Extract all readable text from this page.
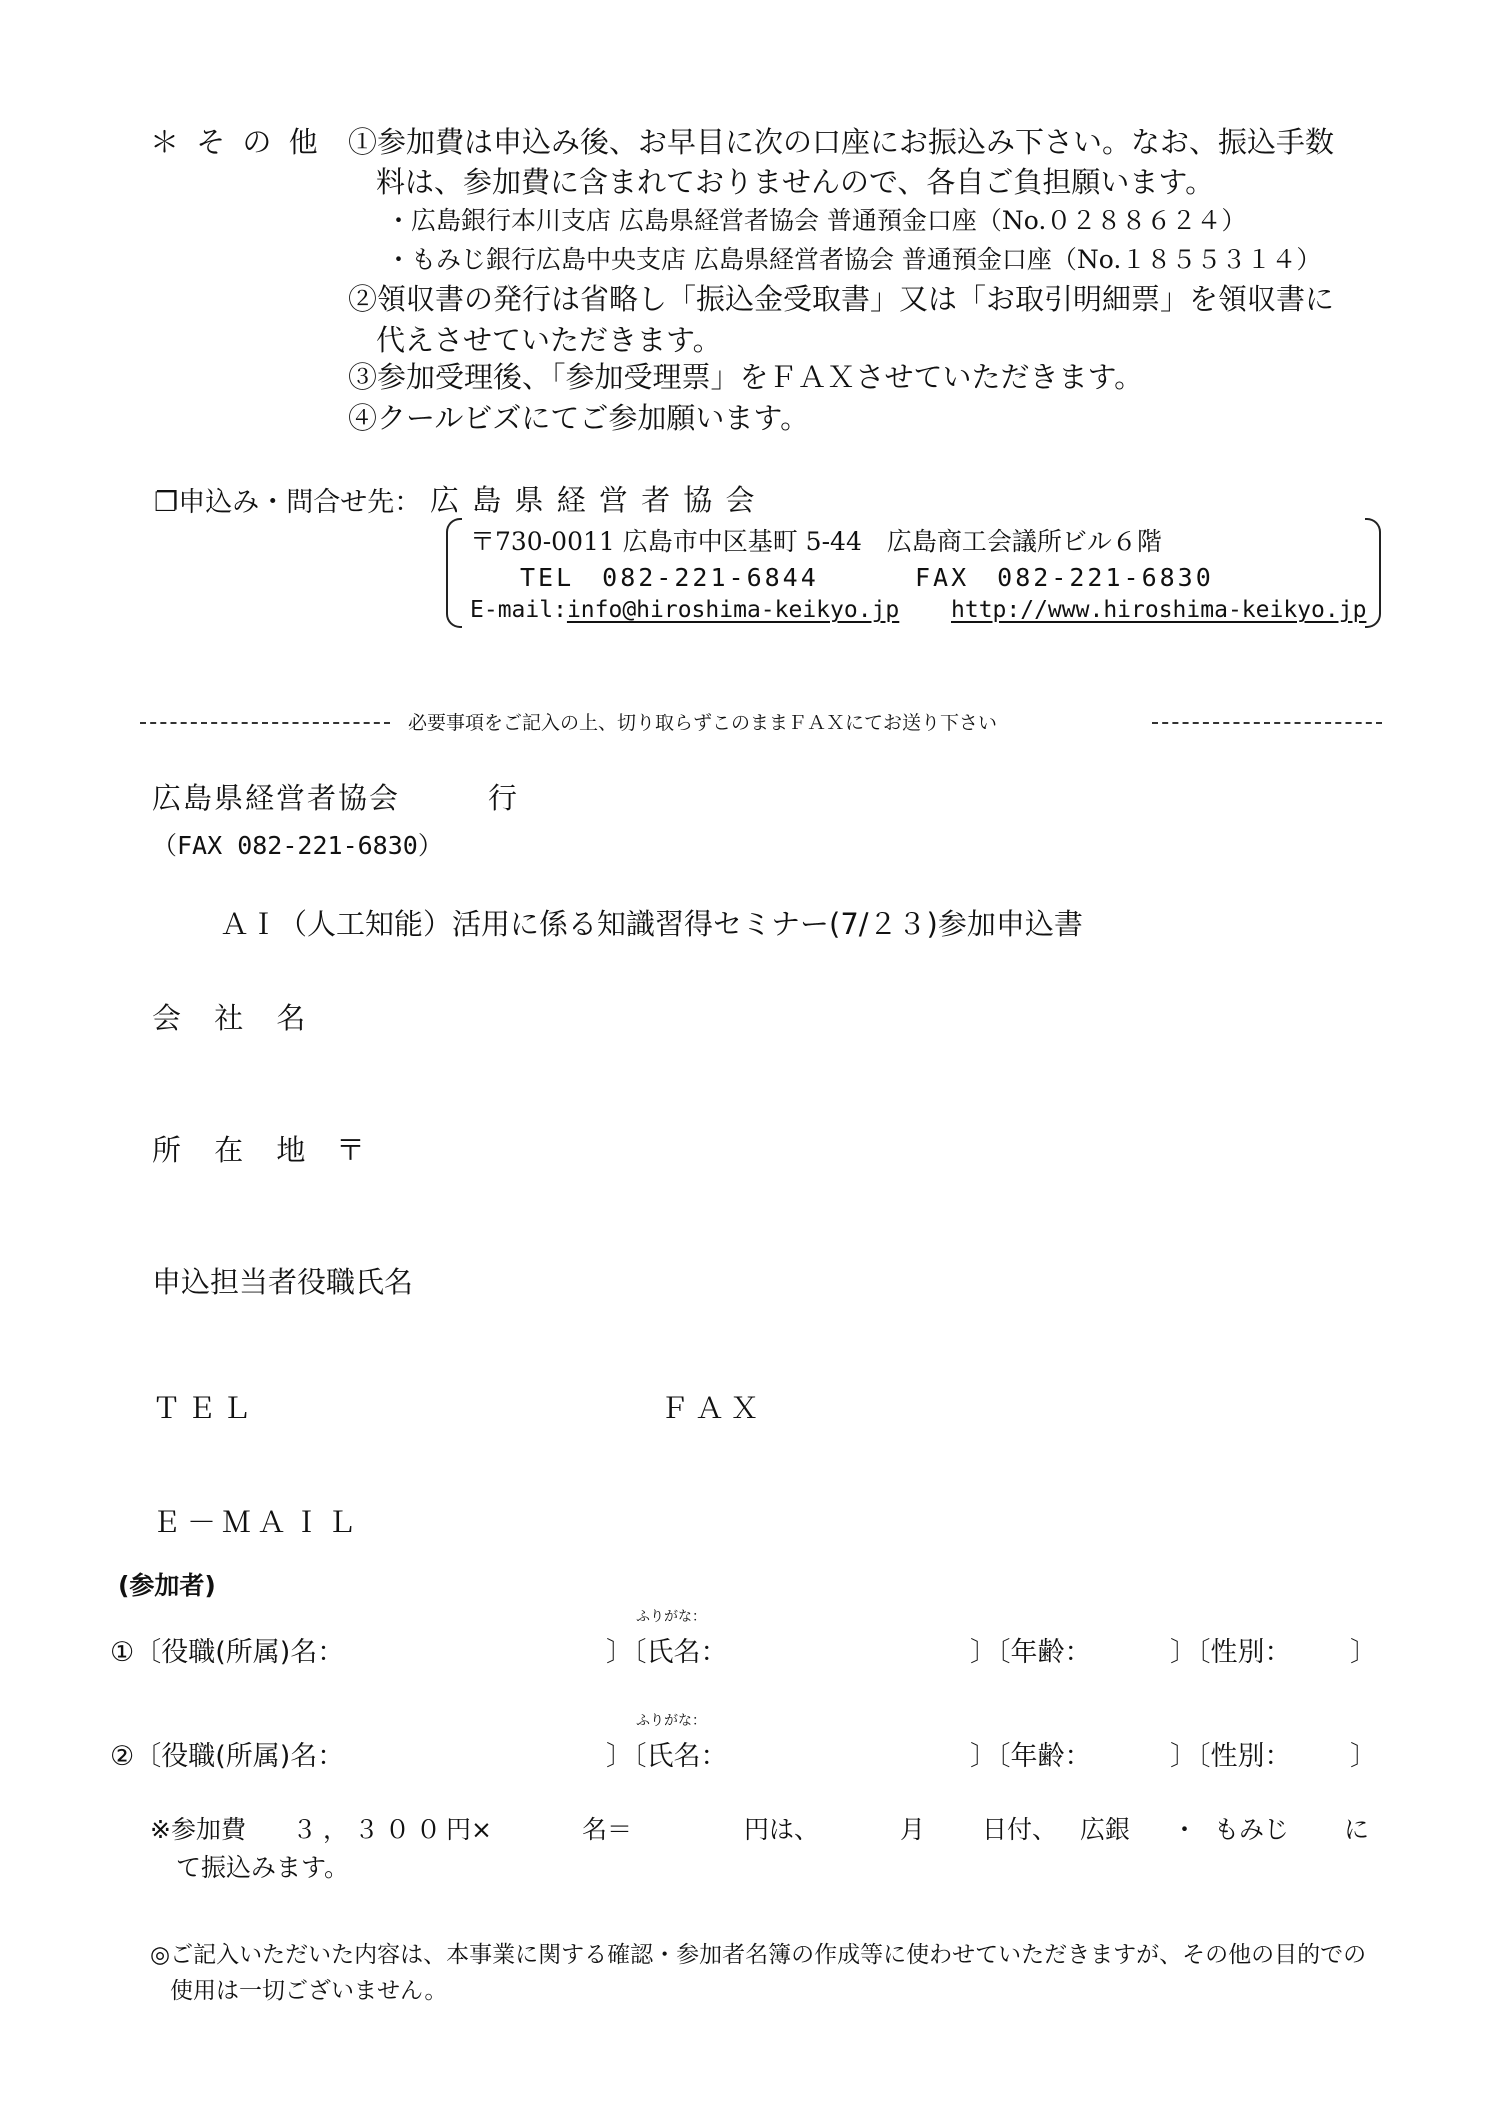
＊ そ の 他 ①参加費は申込み後、お早目に次の口座にお振込み下さい。なお、振込手数
料は、参加費に含まれておりませんので、各自ご負担願います。
・広島銀行本川支店 広島県経営者協会 普通預金口座（No.０２８８６２４）
・もみじ銀行広島中央支店 広島県経営者協会 普通預金口座（No.１８５５３１４）
②領収書の発行は省略し「振込金受取書」又は「お取引明細票」を領収書に
代えさせていただきます。
③参加受理後、「参加受理票」をＦＡＸさせていただきます。
④クールビズにてご参加願います。
❐申込み・問合せ先： 広 島 県 経 営 者 協 会
〒730-0011 広島市中区基町 5-44　広島商工会議所ビル６階
TEL　082-221-6844	FAX　082-221-6830
E-mail:info@hiroshima-keikyo.jp http://www.hiroshima-keikyo.jp
必要事項をご記入の上、切り取らずこのままＦＡＸにてお送り下さい
広島県経営者協会	行
（FAX 082-221-6830）
ＡＩ（人工知能）活用に係る知識習得セミナー(7/２３)参加申込書
会 社 名
所 在 地 〒
申込担当者役職氏名
ＴＥＬ	ＦＡＸ
Ｅ－ＭＡＩＬ
(参加者)
ふりがな：
①〔役職(所属)名：	〕〔氏名：	〕〔年齢：	〕〔性別： 〕
ふりがな：
②〔役職(所属)名：	〕〔氏名：	〕〔年齢：	〕〔性別： 〕
※参加費 ３，３００
円×	名＝	円は、	月 日付、 広銀 ・ もみじ に
て振込みます。
◎ご記入いただいた内容は、本事業に関する確認・参加者名簿の作成等に使わせていただきますが、その他の目的での
使用は一切ございません。
